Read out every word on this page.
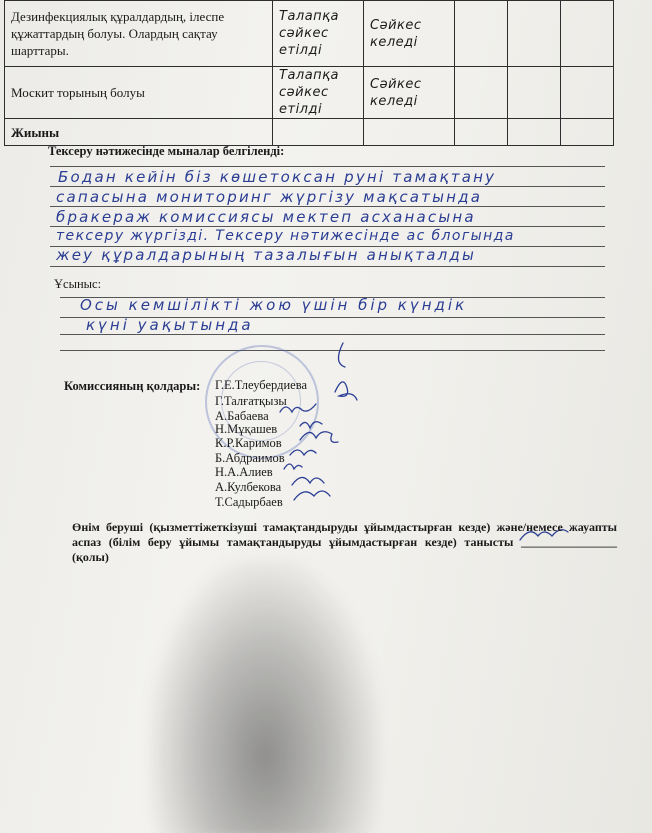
Дезинфекциялық құралдардың, ілеспе құжаттардың болуы. Олардың сақтау шарттары.	Талапқа сәйкес етілді	Сәйкес келеді			
Москит торының болуы	Талапқа сәйкес етілді	Сәйкес келеді			
Жиыны					
Тексеру нәтижесінде мыналар белгіленді:
Бодан кейін біз көшетоксан руні тамақтану
сапасына мониторинг жүргізу мақсатында
бракераж комиссиясы мектеп асханасына
тексеру жүргізді. Тексеру нәтижесінде ас блогында
жеу құралдарының тазалығын анықталды
Ұсыныс:
Осы кемшілікті жою үшін бір күндік
күні уақытында
Комиссияның қолдары: Г.Е.Тлеубердиева
Г.Талғатқызы
А.Бабаева
Н.Мұқашев
К.Р.Каримов
Б.Абдраимов
Н.А.Алиев
А.Кулбекова
Т.Садырбаев
Өнім беруші (қызметтіжеткізуші тамақтандыруды ұйымдастырған кезде) және/немесе жауапты аспаз (білім беру ұйымы тамақтандыруды ұйымдастырған кезде) танысты ________________ (қолы)
